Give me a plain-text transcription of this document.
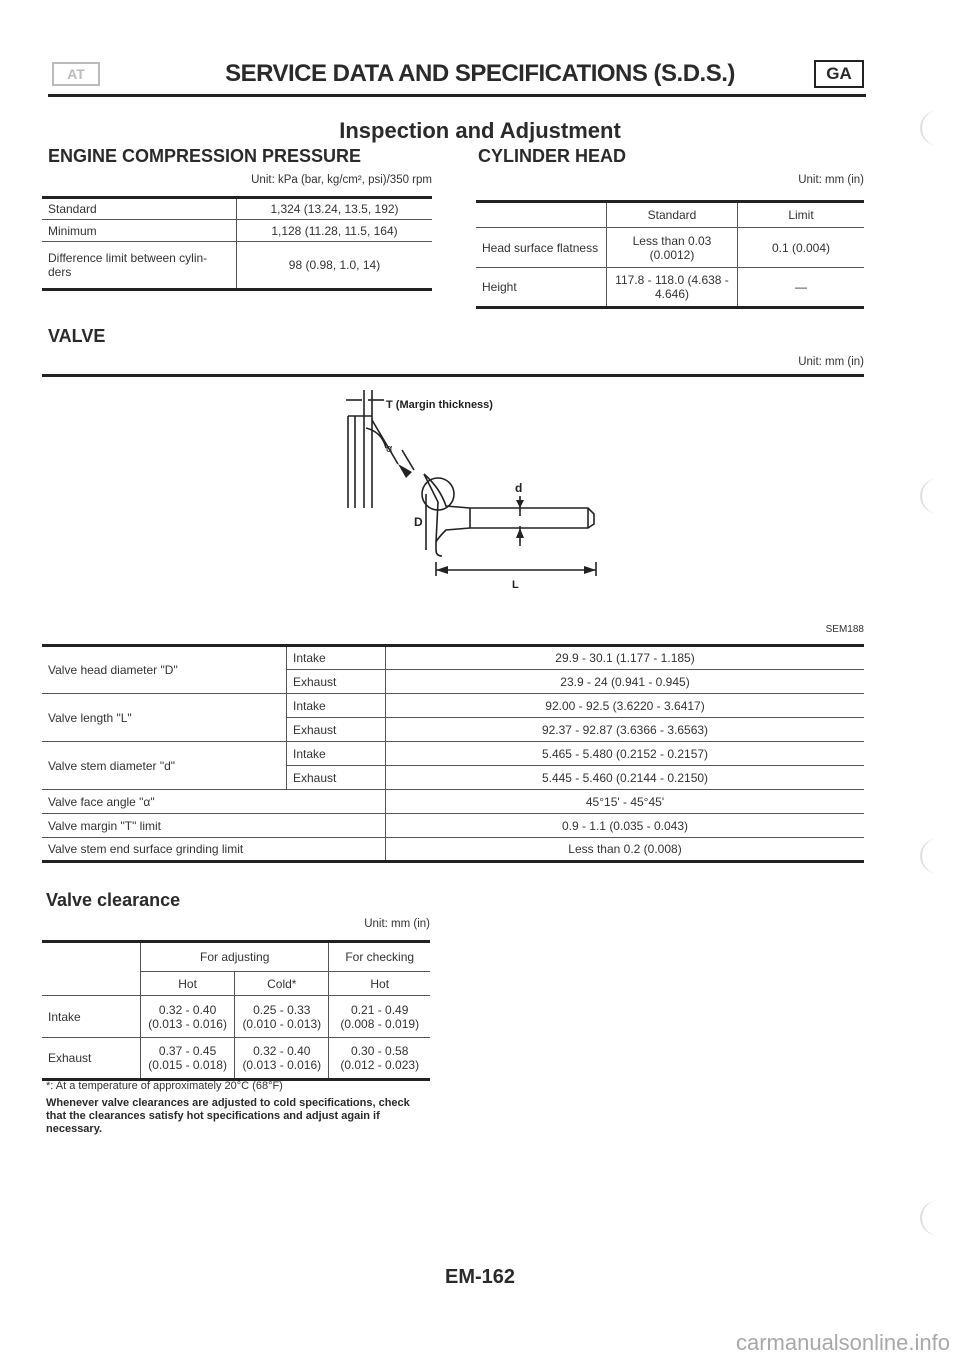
AT	SERVICE DATA AND SPECIFICATIONS (S.D.S.)	GA
Inspection and Adjustment
ENGINE COMPRESSION PRESSURE
Unit: kPa (bar, kg/cm², psi)/350 rpm
Standard	1,324 (13.24, 13.5, 192)
Minimum	1,128 (11.28, 11.5, 164)
Difference limit between cylin-ders	98 (0.98, 1.0, 14)
CYLINDER HEAD
Unit: mm (in)
	Standard	Limit
Head surface flatness	Less than 0.03 (0.0012)	0.1 (0.004)
Height	117.8 - 118.0 (4.638 - 4.646)	—
VALVE
Unit: mm (in)
T (Margin thickness)
α
d
D
L
SEM188
Valve head diameter "D"	Intake	29.9 - 30.1 (1.177 - 1.185)
	Exhaust	23.9 - 24 (0.941 - 0.945)
Valve length "L"	Intake	92.00 - 92.5 (3.6220 - 3.6417)
	Exhaust	92.37 - 92.87 (3.6366 - 3.6563)
Valve stem diameter "d"	Intake	5.465 - 5.480 (0.2152 - 0.2157)
	Exhaust	5.445 - 5.460 (0.2144 - 0.2150)
Valve face angle "α"		45°15' - 45°45'
Valve margin "T" limit		0.9 - 1.1 (0.035 - 0.043)
Valve stem end surface grinding limit		Less than 0.2 (0.008)
Valve clearance
Unit: mm (in)
	For adjusting		For checking
	Hot	Cold*	Hot
Intake	0.32 - 0.40 (0.013 - 0.016)	0.25 - 0.33 (0.010 - 0.013)	0.21 - 0.49 (0.008 - 0.019)
Exhaust	0.37 - 0.45 (0.015 - 0.018)	0.32 - 0.40 (0.013 - 0.016)	0.30 - 0.58 (0.012 - 0.023)
*: At a temperature of approximately 20°C (68°F)
Whenever valve clearances are adjusted to cold specifications, check that the clearances satisfy hot specifications and adjust again if necessary.
EM-162
carmanualsonline.info
